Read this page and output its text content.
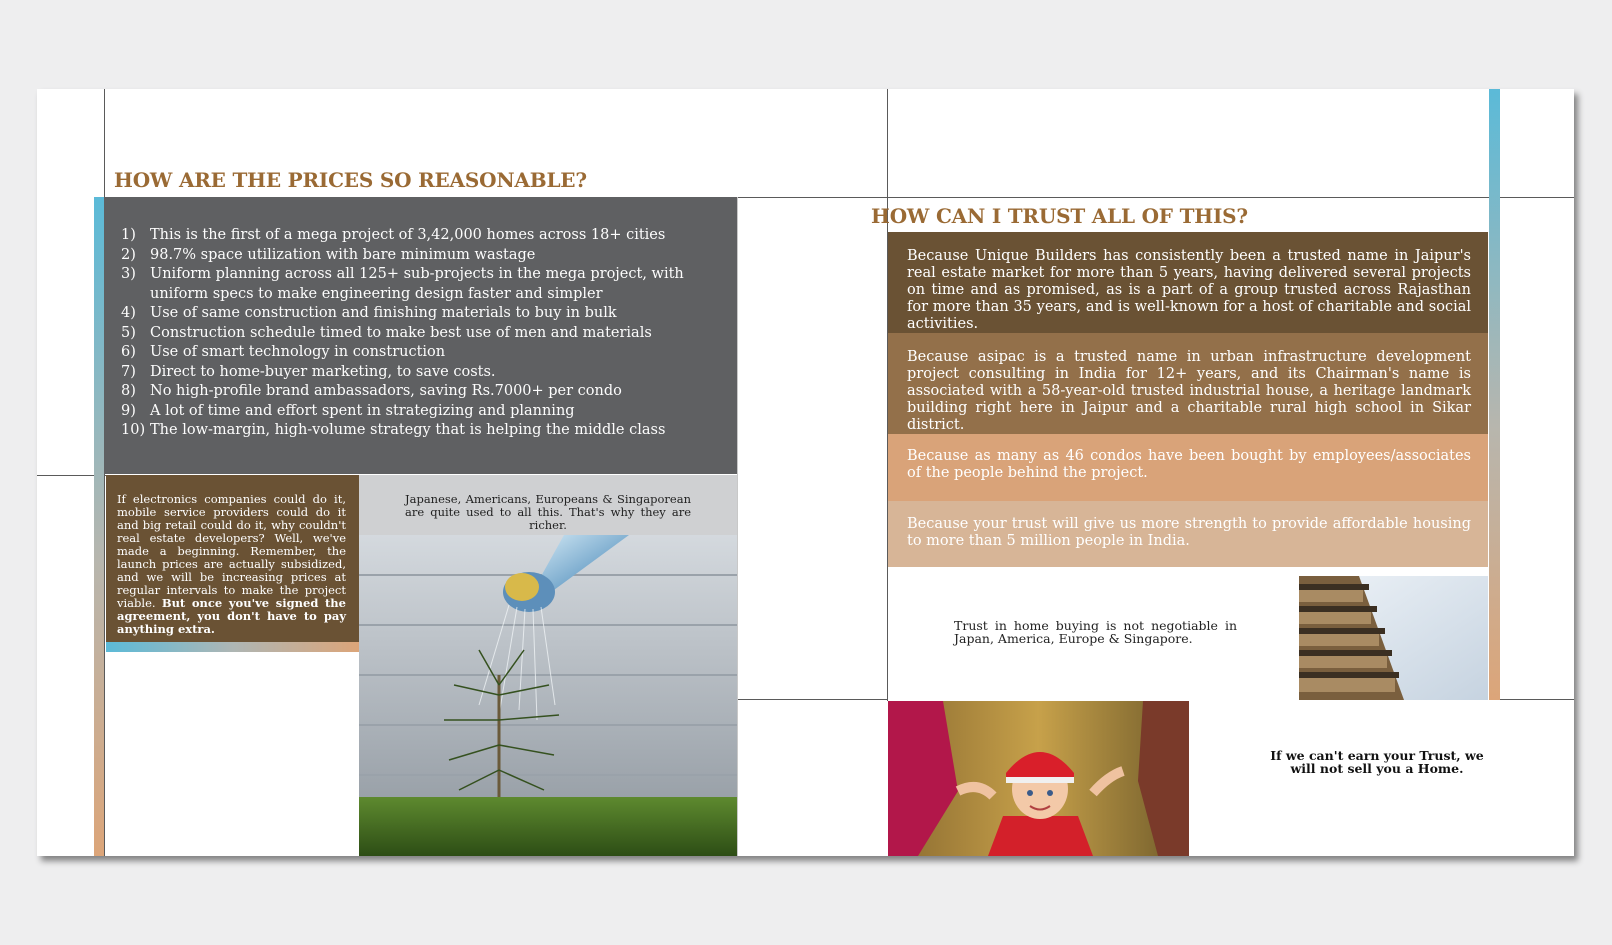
HOW ARE THE PRICES SO REASONABLE?
1) This is the first of a mega project of 3,42,000 homes across 18+ cities
2) 98.7% space utilization with bare minimum wastage
3) Uniform planning across all 125+ sub-projects in the mega project, with uniform specs to make engineering design faster and simpler
4) Use of same construction and finishing materials to buy in bulk
5) Construction schedule timed to make best use of men and materials
6) Use of smart technology in construction
7) Direct to home-buyer marketing, to save costs.
8) No high-profile brand ambassadors, saving Rs.7000+ per condo
9) A lot of time and effort spent in strategizing and planning
10) The low-margin, high-volume strategy that is helping the middle class

If electronics companies could do it, mobile service providers could do it and big retail could do it, why couldn't real estate developers? Well, we've made a beginning. Remember, the launch prices are actually subsidized, and we will be increasing prices at regular intervals to make the project viable. But once you've signed the agreement, you don't have to pay anything extra.

Japanese, Americans, Europeans & Singaporean are quite used to all this. That's why they are richer.

HOW CAN I TRUST ALL OF THIS?

Because Unique Builders has consistently been a trusted name in Jaipur's real estate market for more than 5 years, having delivered several projects on time and as promised, as is a part of a group trusted across Rajasthan for more than 35 years, and is well-known for a host of charitable and social activities.

Because asipac is a trusted name in urban infrastructure development project consulting in India for 12+ years, and its Chairman's name is associated with a 58-year-old trusted industrial house, a heritage landmark building right here in Jaipur and a charitable rural high school in Sikar district.

Because as many as 46 condos have been bought by employees/associates of the people behind the project.

Because your trust will give us more strength to provide affordable housing to more than 5 million people in India.

Trust in home buying is not negotiable in Japan, America, Europe & Singapore.
If we can't earn your Trust, we will not sell you a Home.
